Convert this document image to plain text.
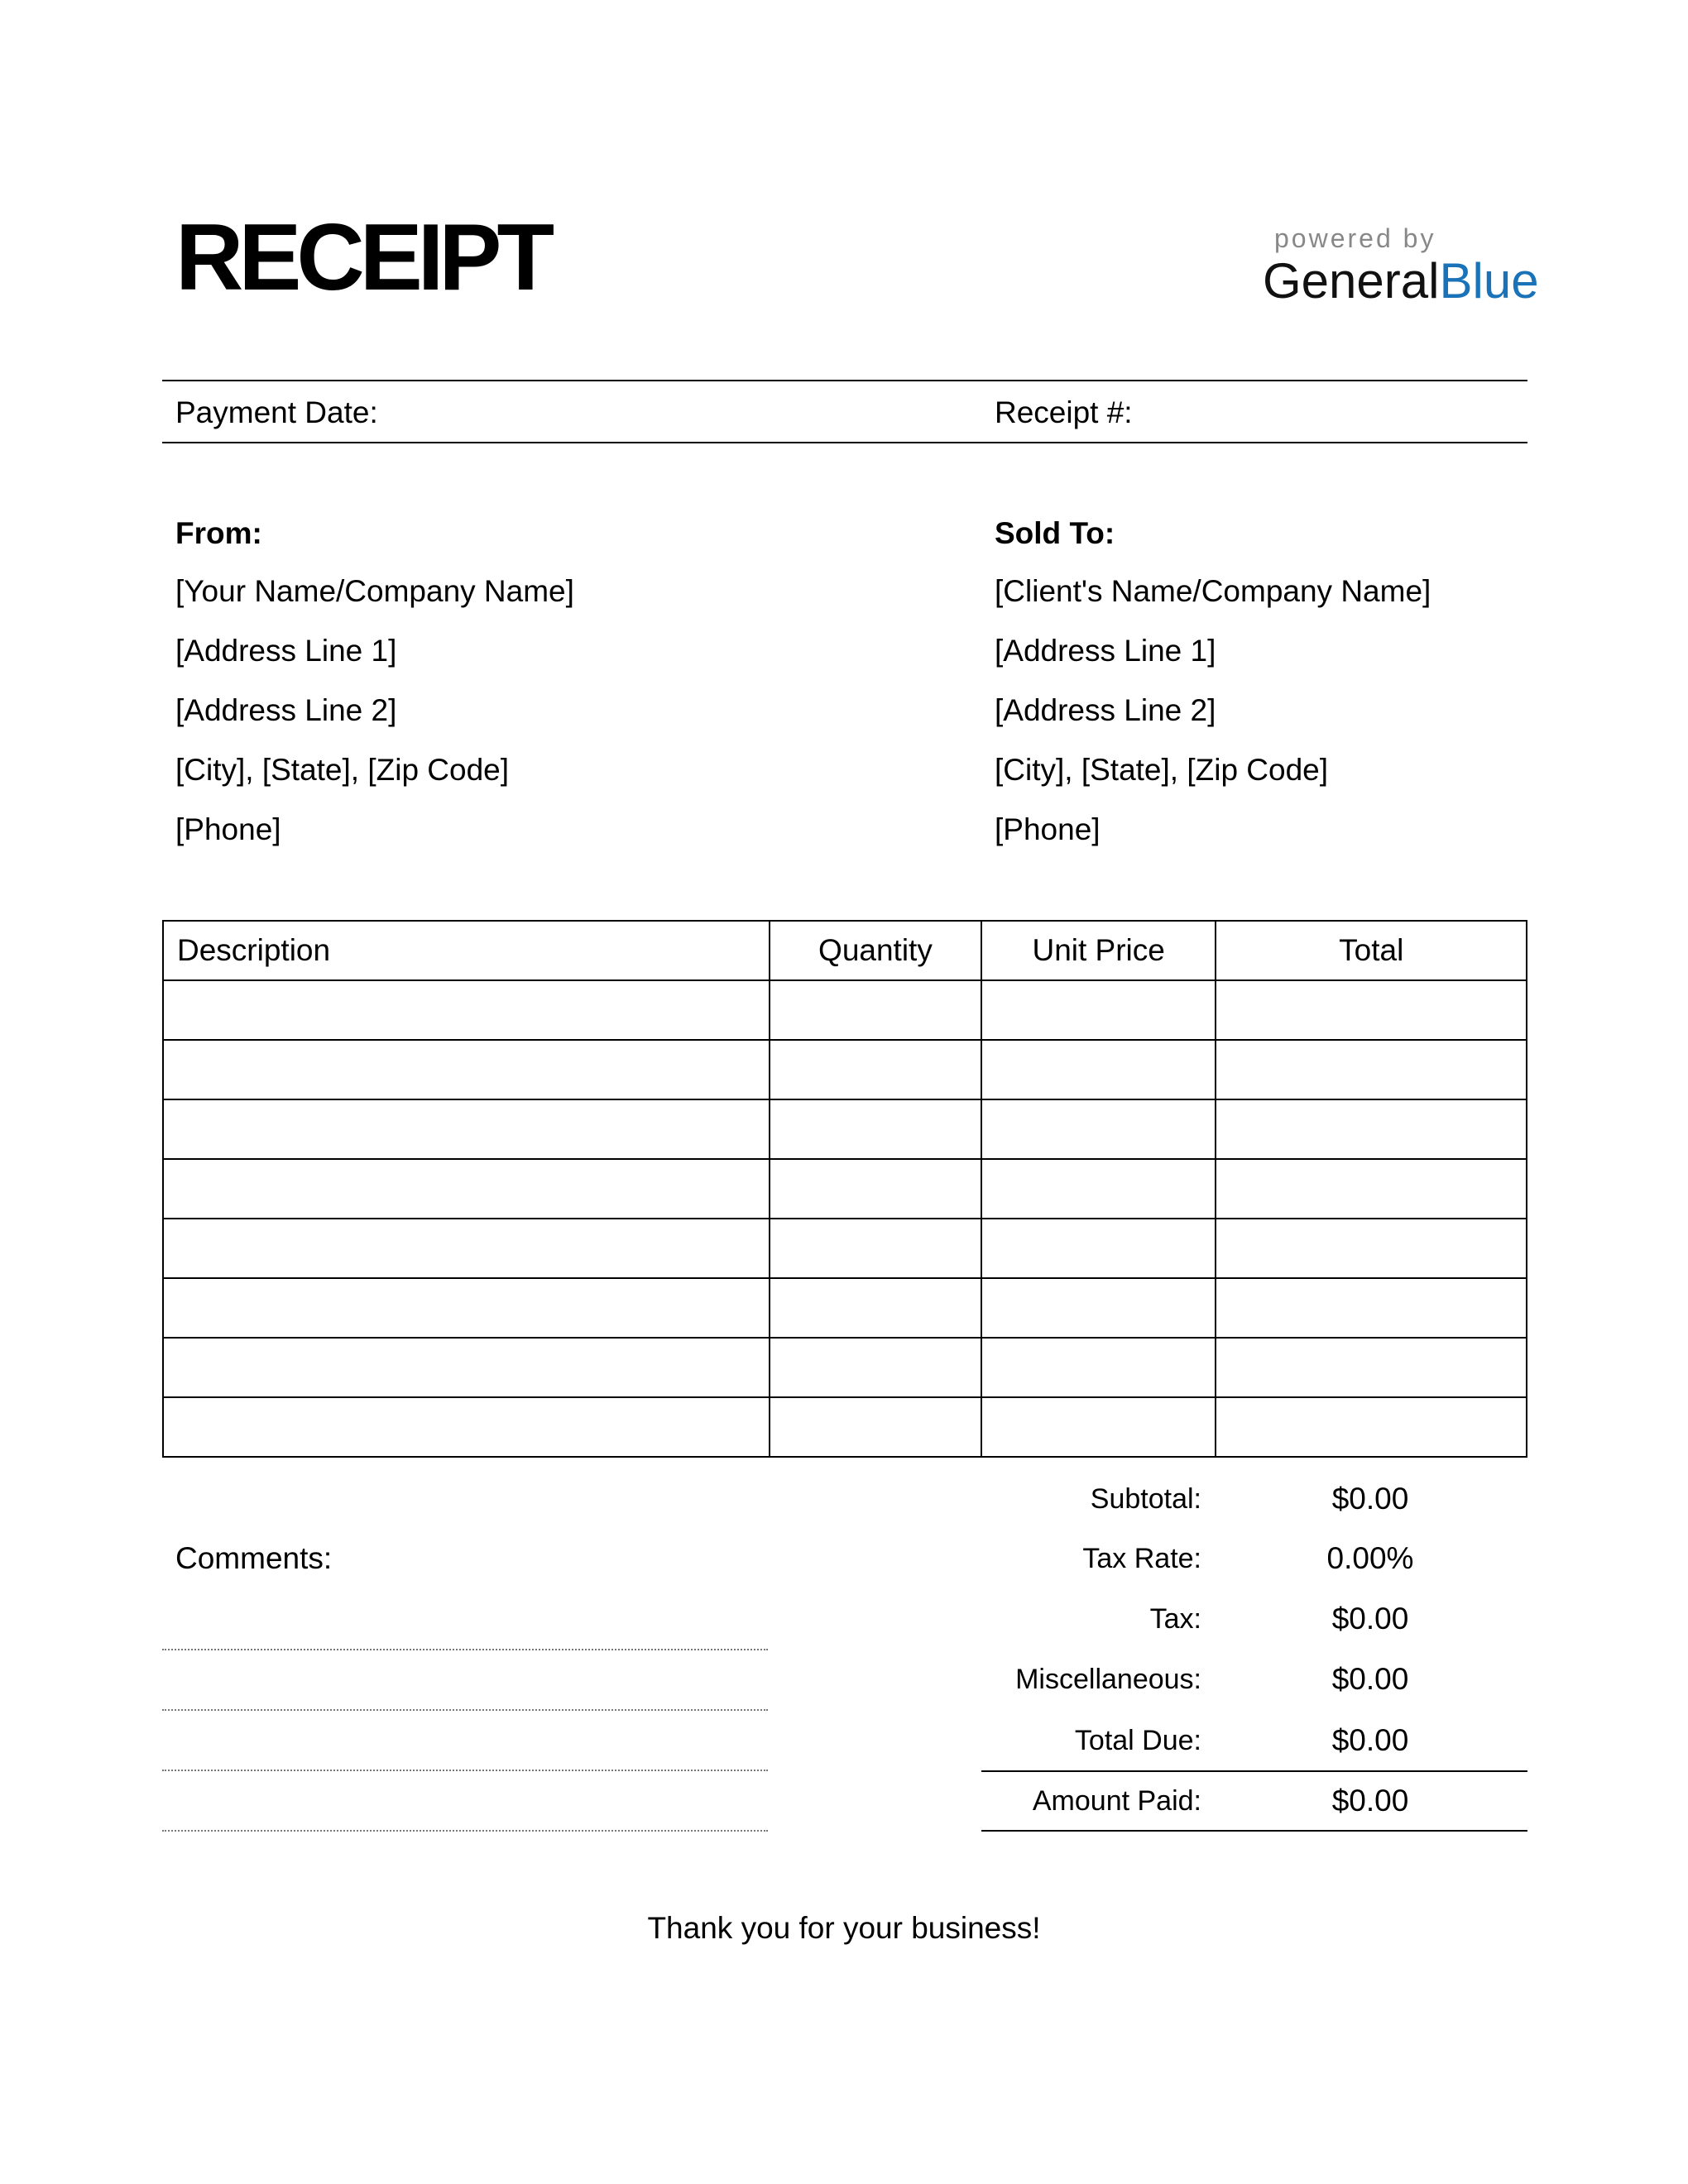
RECEIPT	powered by
GeneralBlue
Payment Date:	Receipt #:
From:
[Your Name/Company Name]
[Address Line 1]
[Address Line 2]
[City], [State], [Zip Code]
[Phone]
Sold To:
[Client's Name/Company Name]
[Address Line 1]
[Address Line 2]
[City], [State], [Zip Code]
[Phone]
Description	Quantity	Unit Price	Total

Comments:
Subtotal:	$0.00
Tax Rate:	0.00%
Tax:	$0.00
Miscellaneous:	$0.00
Total Due:	$0.00
Amount Paid:	$0.00
Thank you for your business!
